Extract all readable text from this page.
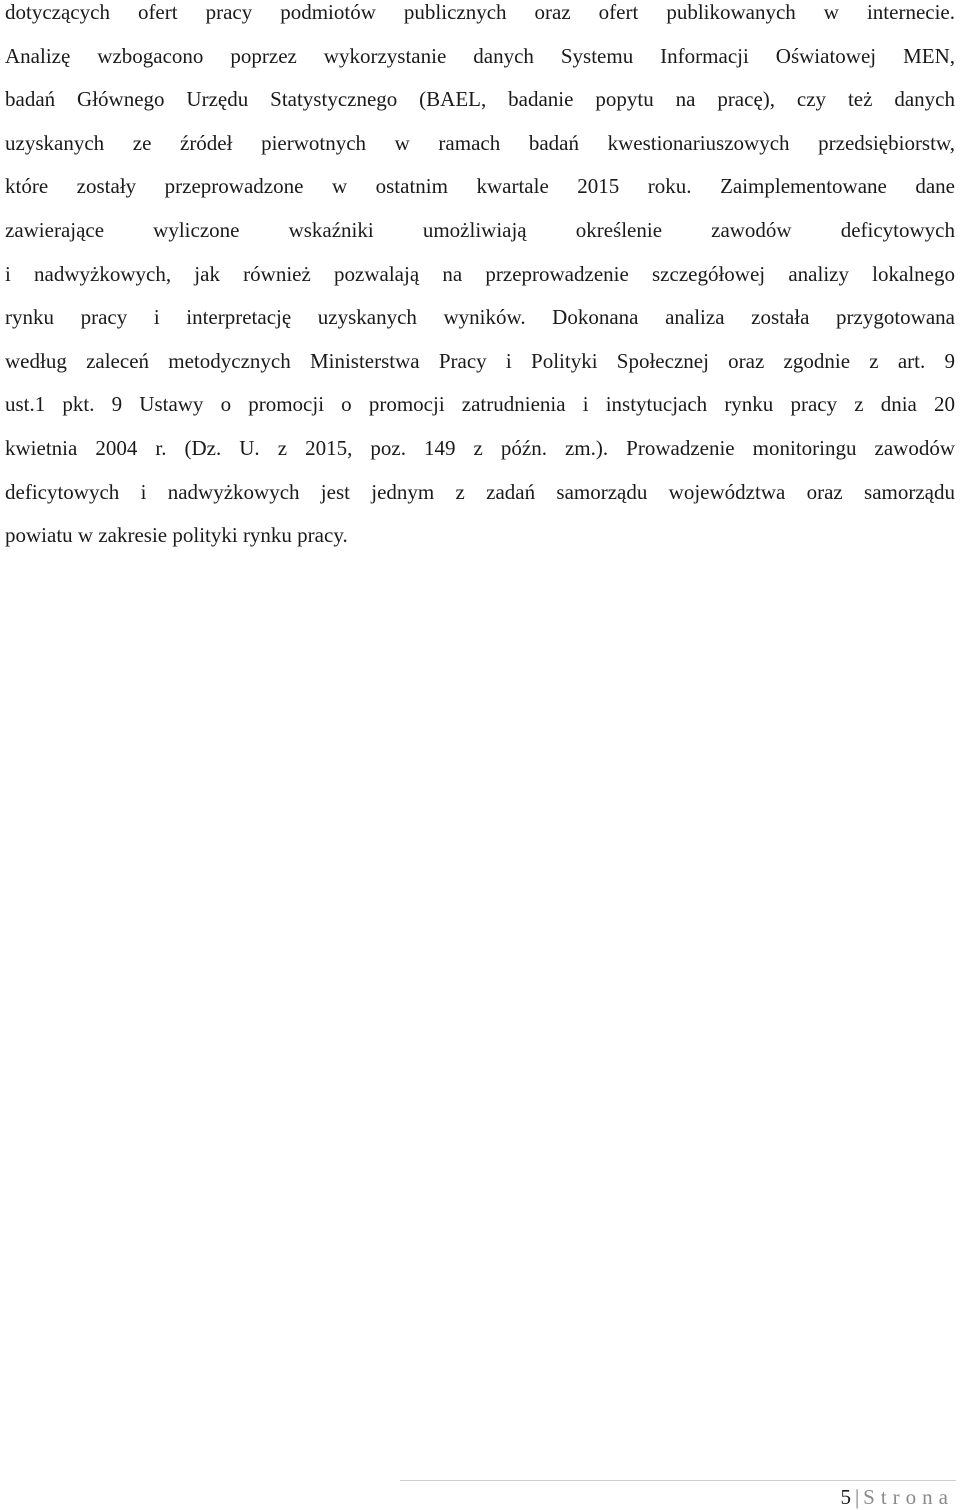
dotyczących ofert pracy podmiotów publicznych oraz ofert publikowanych w internecie.
Analizę wzbogacono poprzez wykorzystanie danych Systemu Informacji Oświatowej MEN,
badań Głównego Urzędu Statystycznego (BAEL, badanie popytu na pracę), czy też danych
uzyskanych ze źródeł pierwotnych w ramach badań kwestionariuszowych przedsiębiorstw,
które zostały przeprowadzone w ostatnim kwartale 2015 roku. Zaimplementowane dane
zawierające wyliczone wskaźniki umożliwiają określenie zawodów deficytowych
i nadwyżkowych, jak również pozwalają na przeprowadzenie szczegółowej analizy lokalnego
rynku pracy i interpretację uzyskanych wyników. Dokonana analiza została przygotowana
według zaleceń metodycznych Ministerstwa Pracy i Polityki Społecznej oraz zgodnie z art. 9
ust.1 pkt. 9 Ustawy o promocji o promocji zatrudnienia i instytucjach rynku pracy z dnia 20
kwietnia 2004 r. (Dz. U. z 2015, poz. 149 z późn. zm.). Prowadzenie monitoringu zawodów
deficytowych i nadwyżkowych jest jednym z zadań samorządu województwa oraz samorządu
powiatu w zakresie polityki rynku pracy.
5 | Strona
